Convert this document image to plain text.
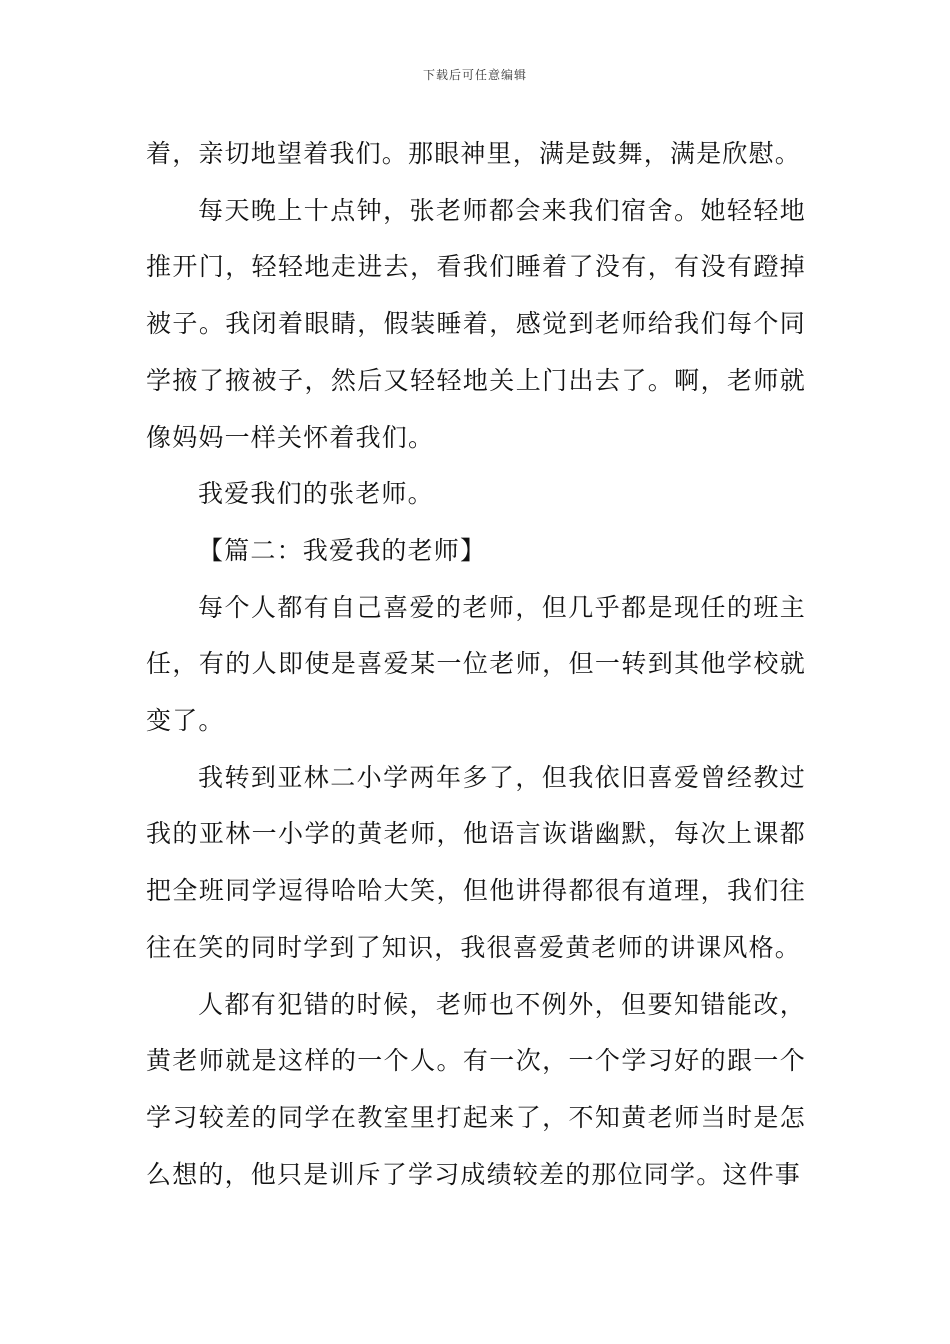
下载后可任意编辑

着，亲切地望着我们。那眼神里，满是鼓舞，满是欣慰。

每天晚上十点钟，张老师都会来我们宿舍。她轻轻地推开门，轻轻地走进去，看我们睡着了没有，有没有蹬掉被子。我闭着眼睛，假装睡着，感觉到老师给我们每个同学掖了掖被子，然后又轻轻地关上门出去了。啊，老师就像妈妈一样关怀着我们。

我爱我们的张老师。

【篇二：我爱我的老师】

每个人都有自己喜爱的老师，但几乎都是现任的班主任，有的人即使是喜爱某一位老师，但一转到其他学校就变了。

我转到亚林二小学两年多了，但我依旧喜爱曾经教过我的亚林一小学的黄老师，他语言诙谐幽默，每次上课都把全班同学逗得哈哈大笑，但他讲得都很有道理，我们往往在笑的同时学到了知识，我很喜爱黄老师的讲课风格。

人都有犯错的时候，老师也不例外，但要知错能改，黄老师就是这样的一个人。有一次，一个学习好的跟一个学习较差的同学在教室里打起来了，不知黄老师当时是怎么想的，他只是训斥了学习成绩较差的那位同学。这件事
